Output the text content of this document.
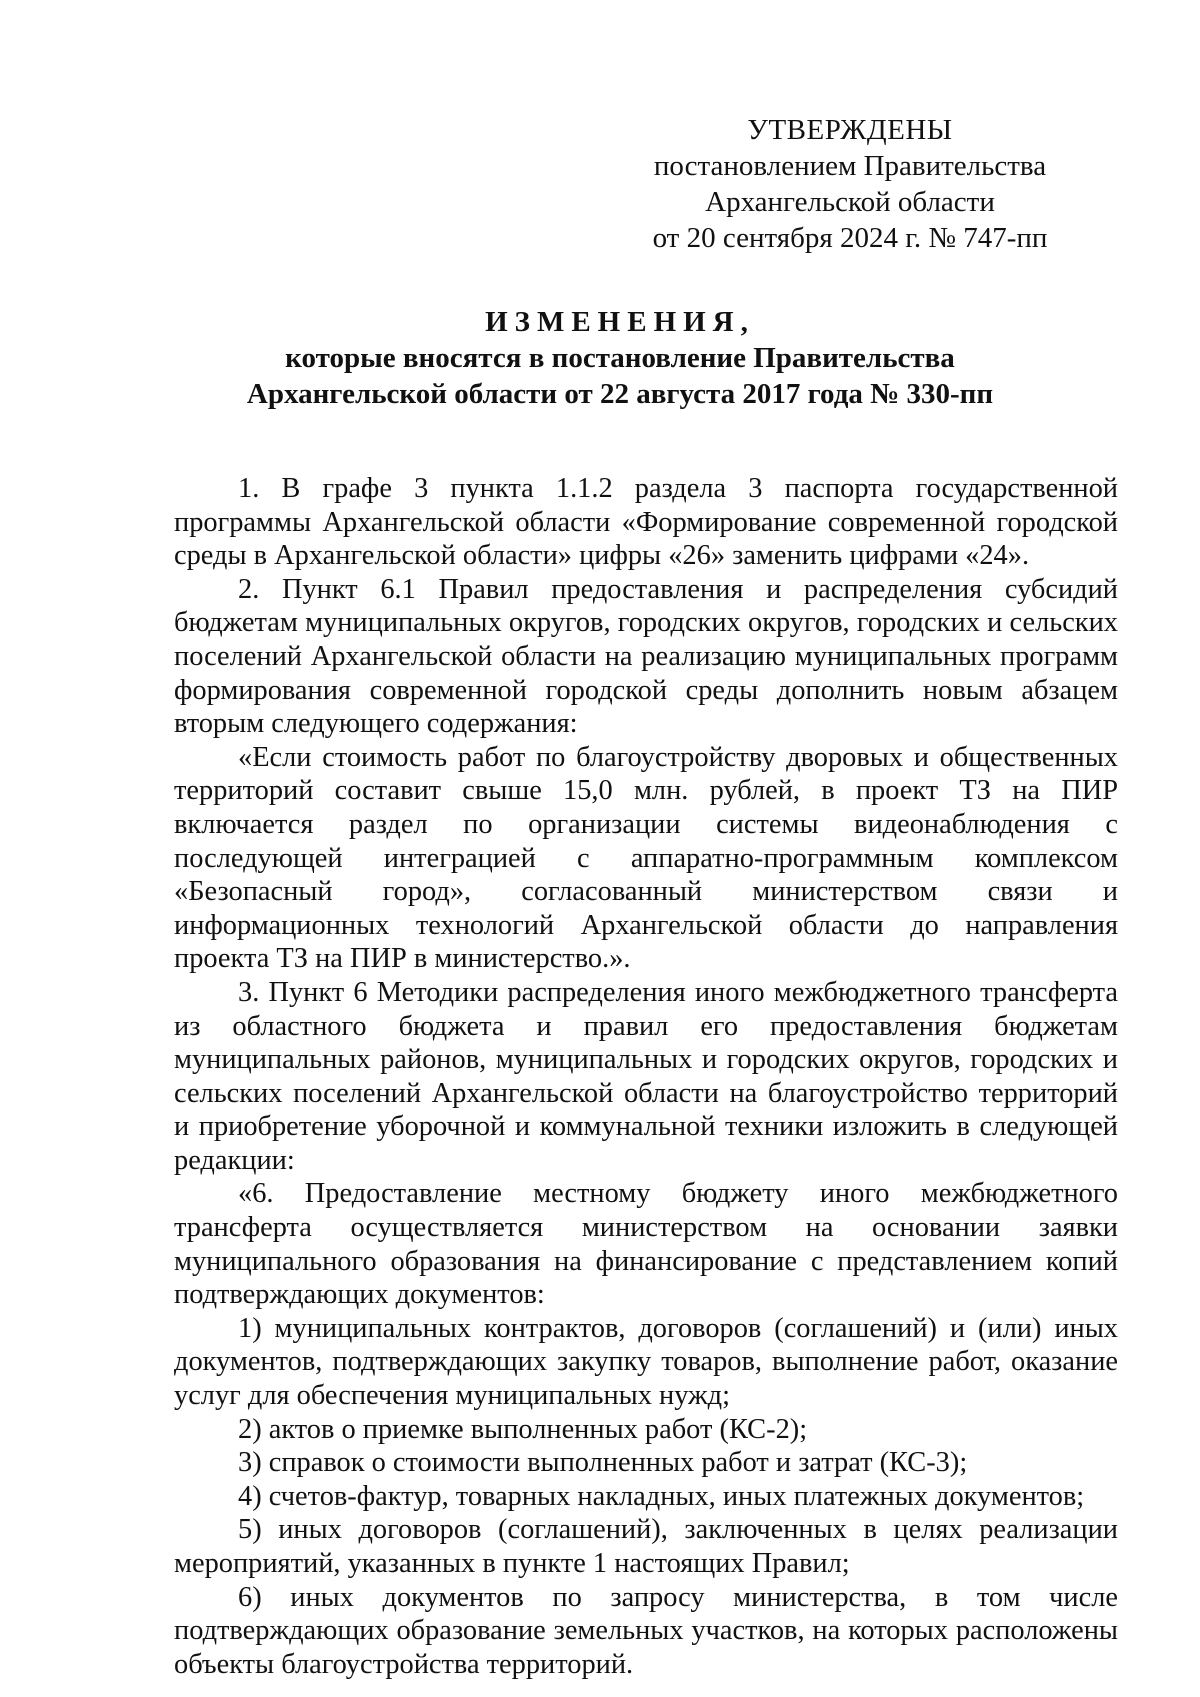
УТВЕРЖДЕНЫ
постановлением Правительства
Архангельской области
от 20 сентября 2024 г. № 747-пп
ИЗМЕНЕНИЯ,
которые вносятся в постановление Правительства
Архангельской области от 22 августа 2017 года № 330-пп

1. В графе 3 пункта 1.1.2 раздела 3 паспорта государственной программы Архангельской области «Формирование современной городской среды в Архангельской области» цифры «26» заменить цифрами «24».

2. Пункт 6.1 Правил предоставления и распределения субсидий бюджетам муниципальных округов, городских округов, городских и сельских поселений Архангельской области на реализацию муниципальных программ формирования современной городской среды дополнить новым абзацем вторым следующего содержания:

«Если стоимость работ по благоустройству дворовых и общественных территорий составит свыше 15,0 млн. рублей, в проект ТЗ на ПИР включается раздел по организации системы видеонаблюдения с последующей интеграцией с аппаратно-программным комплексом «Безопасный город», согласованный министерством связи и информационных технологий Архангельской области до направления проекта ТЗ на ПИР в министерство.».

3. Пункт 6 Методики распределения иного межбюджетного трансферта из областного бюджета и правил его предоставления бюджетам муниципальных районов, муниципальных и городских округов, городских и сельских поселений Архангельской области на благоустройство территорий и приобретение уборочной и коммунальной техники изложить в следующей редакции:

«6. Предоставление местному бюджету иного межбюджетного трансферта осуществляется министерством на основании заявки муниципального образования на финансирование с представлением копий подтверждающих документов:

1) муниципальных контрактов, договоров (соглашений) и (или) иных документов, подтверждающих закупку товаров, выполнение работ, оказание услуг для обеспечения муниципальных нужд;

2) актов о приемке выполненных работ (КС-2);

3) справок о стоимости выполненных работ и затрат (КС-3);

4) счетов-фактур, товарных накладных, иных платежных документов;

5) иных договоров (соглашений), заключенных в целях реализации мероприятий, указанных в пункте 1 настоящих Правил;

6) иных документов по запросу министерства, в том числе подтверждающих образование земельных участков, на которых расположены объекты благоустройства территорий.
